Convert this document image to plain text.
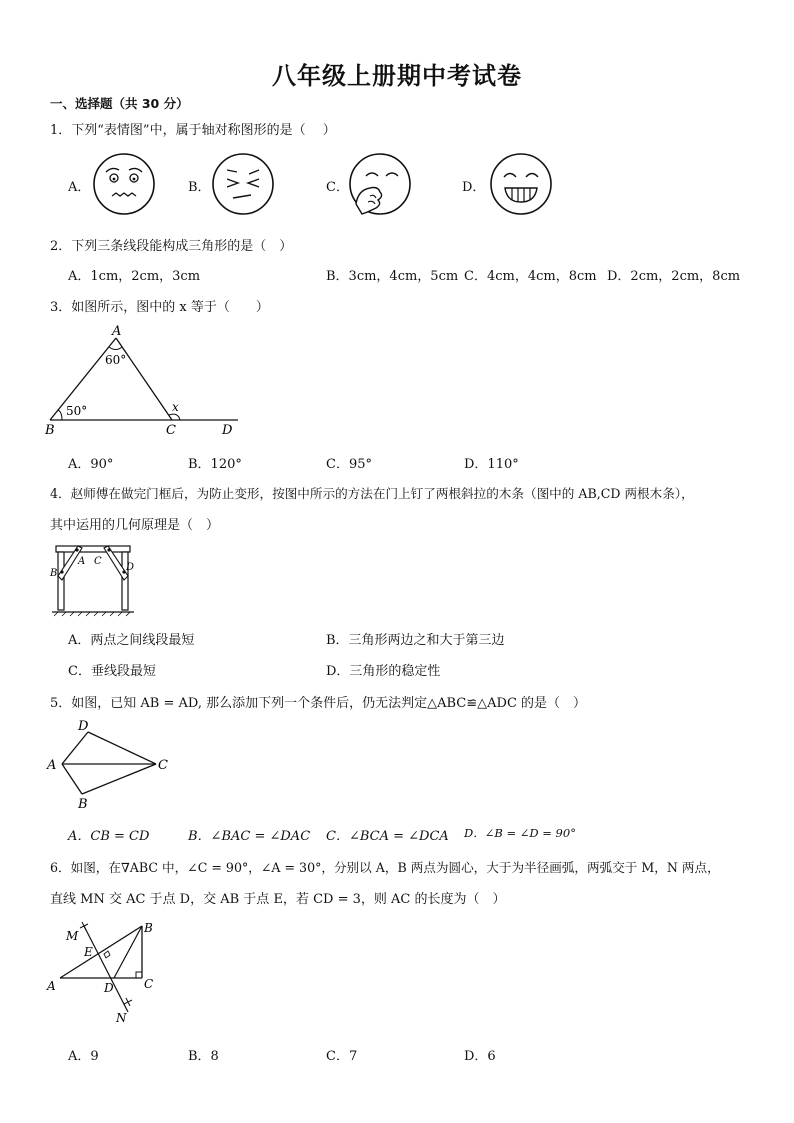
八年级上册期中考试卷
一、选择题（共 30 分）
1．下列“表情图”中，属于轴对称图形的是（　 ）
A．	B．	C．	D．
2．下列三条线段能构成三角形的是（　）
A．1cm，2cm，3cm	B．3cm，4cm，5cm C．4cm，4cm，8cm D．2cm，2cm，8cm
3．如图所示，图中的 x 等于（　　）
A
B	C	D
60°
50°	x
A．90°	B．120°	C．95°	D．110°
4．赵师傅在做完门框后，为防止变形，按图中所示的方法在门上钉了两根斜拉的木条（图中的 AB,CD 两根木条），
其中运用的几何原理是（　）
B
A C
D
A．两点之间线段最短	B．三角形两边之和大于第三边
C．垂线段最短	D．三角形的稳定性
5．如图，已知 AB = AD, 那么添加下列一个条件后，仍无法判定△ABC≌△ADC 的是（　）
D
A	C
B
A．CB = CD	B．∠BAC = ∠DAC C．∠BCA = ∠DCA D．∠B = ∠D = 90°
6．如图，在∇ABC 中，∠C = 90°，∠A = 30°，分别以 A，B 两点为圆心，大于为半径画弧，两弧交于 M，N 两点，
直线 MN 交 AC 于点 D，交 AB 于点 E，若 CD = 3，则 AC 的长度为（　）
M
B
E
A	D	C
N
A．9	B．8	C．7	D．6
